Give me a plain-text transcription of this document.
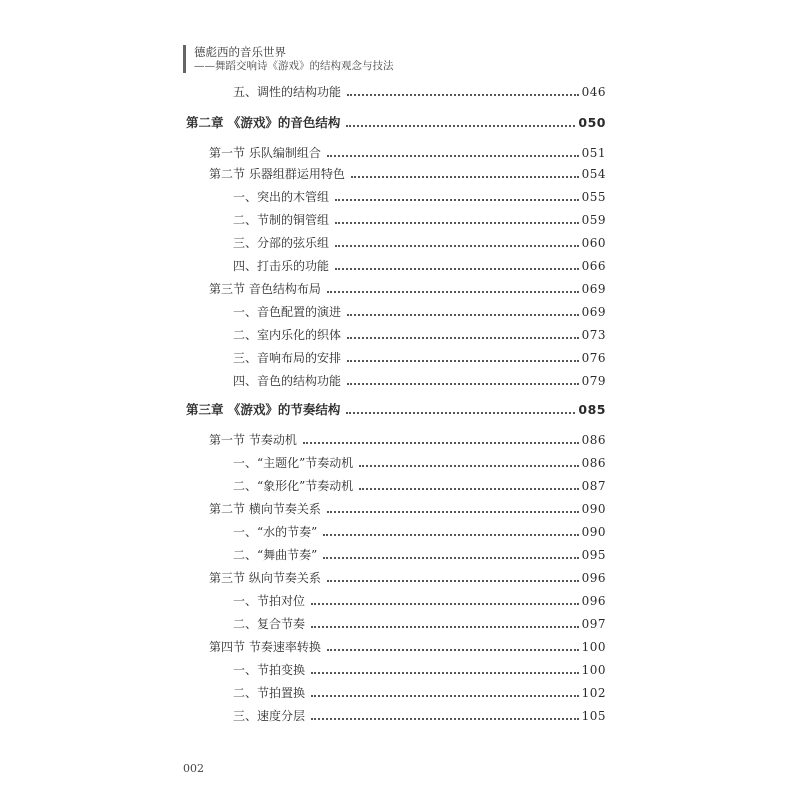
德彪西的音乐世界
——舞蹈交响诗《游戏》的结构观念与技法
五、调性的结构功能	046
第二章 《游戏》的音色结构	050
第一节 乐队编制组合	051
第二节 乐器组群运用特色	054
一、突出的木管组	055
二、节制的铜管组	059
三、分部的弦乐组	060
四、打击乐的功能	066
第三节 音色结构布局	069
一、音色配置的演进	069
二、室内乐化的织体	073
三、音响布局的安排	076
四、音色的结构功能	079
第三章 《游戏》的节奏结构	085
第一节 节奏动机	086
一、“主题化”节奏动机	086
二、“象形化”节奏动机	087
第二节 横向节奏关系	090
一、“水的节奏”	090
二、“舞曲节奏”	095
第三节 纵向节奏关系	096
一、节拍对位	096
二、复合节奏	097
第四节 节奏速率转换	100
一、节拍变换	100
二、节拍置换	102
三、速度分层	105
002
